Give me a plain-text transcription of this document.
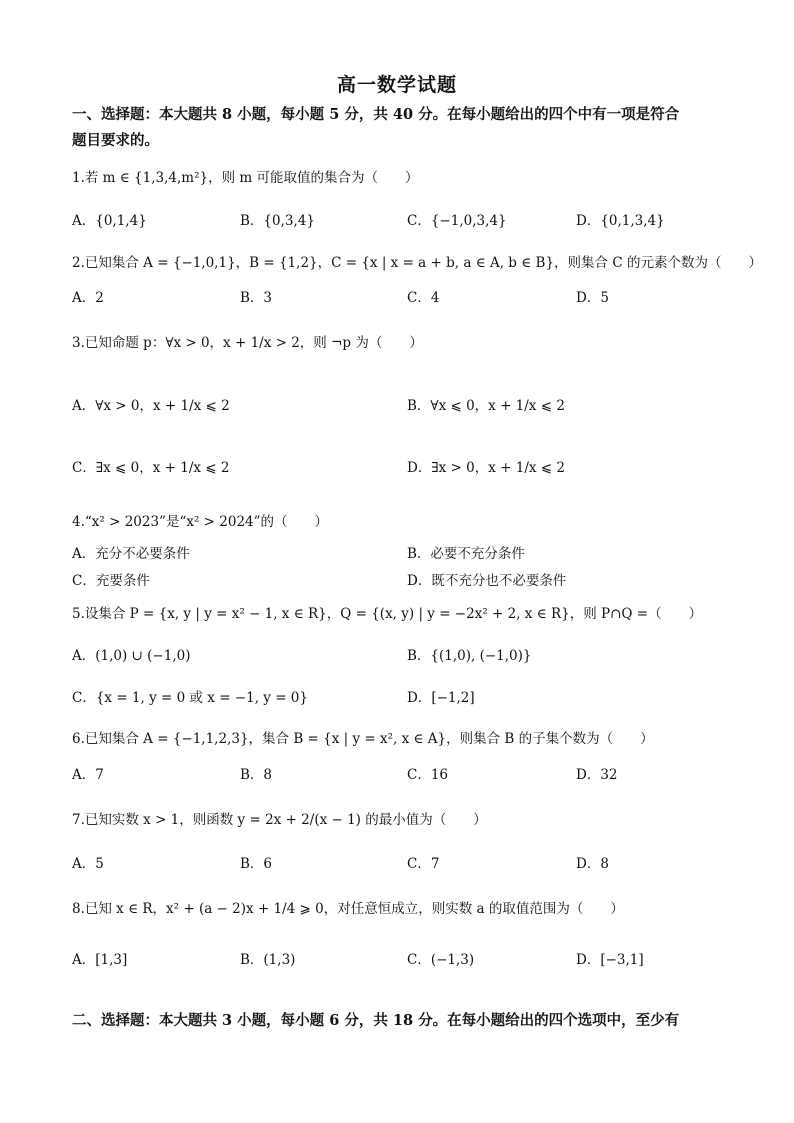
高一数学试题
一、选择题：本大题共 8 小题，每小题 5 分，共 40 分。在每小题给出的四个中有一项是符合
题目要求的。
1.若 m ∈ {1,3,4,m²}，则 m 可能取值的集合为（　　）
A．{0,1,4}	B．{0,3,4}	C．{−1,0,3,4}	D．{0,1,3,4}
2.已知集合 A = {−1,0,1}，B = {1,2}，C = {x | x = a + b, a ∈ A, b ∈ B}，则集合 C 的元素个数为（　　）
A．2	B．3	C．4	D．5
3.已知命题 p：∀x > 0，x + 1/x > 2，则 ¬p 为（　　）
A．∀x > 0，x + 1/x ⩽ 2	B．∀x ⩽ 0，x + 1/x ⩽ 2
C．∃x ⩽ 0，x + 1/x ⩽ 2	D．∃x > 0，x + 1/x ⩽ 2
4.“x² > 2023”是“x² > 2024”的（　　）
A．充分不必要条件	B．必要不充分条件
C．充要条件	D．既不充分也不必要条件
5.设集合 P = {x, y | y = x² − 1, x ∈ R}，Q = {(x, y) | y = −2x² + 2, x ∈ R}，则 P∩Q =（　　）
A．(1,0) ∪ (−1,0)	B．{(1,0), (−1,0)}
C．{x = 1, y = 0 或 x = −1, y = 0}	D．[−1,2]
6.已知集合 A = {−1,1,2,3}，集合 B = {x | y = x², x ∈ A}，则集合 B 的子集个数为（　　）
A．7	B．8	C．16	D．32
7.已知实数 x > 1，则函数 y = 2x + 2/(x − 1) 的最小值为（　　）
A．5	B．6	C．7	D．8
8.已知 x ∈ R，x² + (a − 2)x + 1/4 ⩾ 0，对任意恒成立，则实数 a 的取值范围为（　　）
A．[1,3]	B．(1,3)	C．(−1,3)	D．[−3,1]
二、选择题：本大题共 3 小题，每小题 6 分，共 18 分。在每小题给出的四个选项中，至少有
